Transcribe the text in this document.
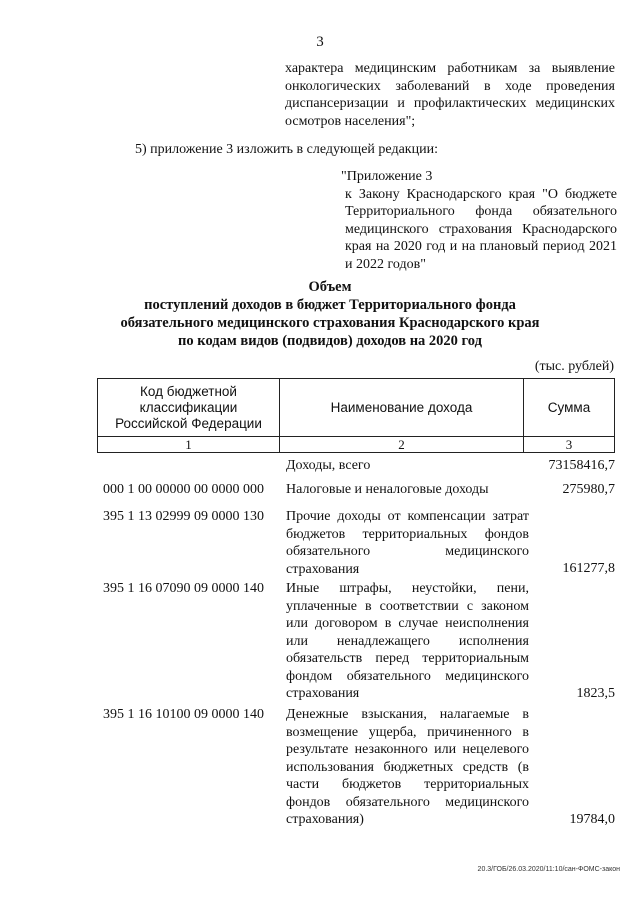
3
характера медицинским работникам за выявление онкологических заболеваний в ходе проведения диспансеризации и профилактических медицинских осмотров населения";
5) приложение 3 изложить в следующей редакции:
"Приложение 3
к Закону Краснодарского края "О бюджете Территориального фонда обязательного медицинского страхования Краснодарского края на 2020 год и на плановый период 2021 и 2022 годов"
Объем
поступлений доходов в бюджет Территориального фонда
обязательного медицинского страхования Краснодарского края
по кодам видов (подвидов) доходов на 2020 год
(тыс. рублей)
Код бюджетной классификации Российской Федерации	Наименование дохода	Сумма
1	2	3
Доходы, всего	73158416,7
000 1 00 00000 00 0000 000 Налоговые и неналоговые доходы	275980,7
395 1 13 02999 09 0000 130 Прочие доходы от компенсации затрат бюджетов территориальных фондов обязательного медицинского страхования	161277,8
395 1 16 07090 09 0000 140 Иные штрафы, неустойки, пени, уплаченные в соответствии с законом или договором в случае неисполнения или ненадлежащего исполнения обязательств перед территориальным фондом обязательного медицинского страхования	1823,5
395 1 16 10100 09 0000 140 Денежные взыскания, налагаемые в возмещение ущерба, причиненного в результате незаконного или нецелевого использования бюджетных средств (в части бюджетов территориальных фондов обязательного медицинского страхования)	19784,0
20.3/ГОБ/26.03.2020/11:10/сан-ФОМС-закон
